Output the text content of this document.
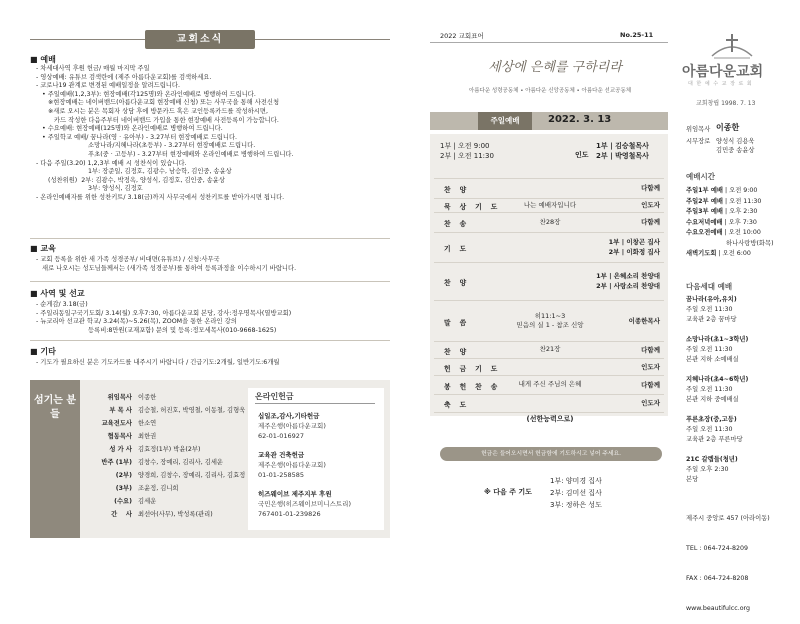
교회소식
■ 예배
- 차세대사역 후원 헌금/ 매월 마지막 주일
- 영상예배: 유튜브 검색란에 (제주 아름다운교회)를 검색하세요.
- 코로나19 관계로 변경된 예배일정을 알려드립니다.
• 주일예배(1,2,3부): 현장예배(각125명)와 온라인예배로 병행하여 드립니다.
※현장예배는 네이버밴드(아름다운교회 현장예배 신청) 또는 사무국을 통해 사전신청
※새로 오시는 분은 목회자 상담 후에 방문카드 혹은 교인등록카드를 작성하시면,
카드 작성한 다음주부터 네이버밴드 가입을 통한 현장예배 사전등록이 가능합니다.
• 수요예배: 현장예배(125명)와 온라인예배로 병행하여 드립니다.
• 주일학교 예배/ 꿈나라(영 · 유아부) - 3.27부터 현장예배로 드립니다.
소망나라/지혜나라(초등부) - 3.27부터 현장예배로 드립니다.
푸초(중 · 고등부) - 3.27부터 현장예배와 온라인예배로 병행하여 드립니다.
- 다음 주일(3.20) 1,2,3부 예배 시 성찬식이 있습니다.
1부: 장준일, 김정호, 김광수, 남승학, 김인중, 송윤상
(성찬위원)  2부: 김광수, 박정옥, 양성식, 김정호, 김인중, 송윤상
3부: 양성식, 김정호
- 온라인예배자를 위한 성찬키트/ 3.18(금)까지 사무국에서 성찬키트를 받아가시면 됩니다.
■ 교육
- 교회 등록을 위한 새 가족 성경공부/ 비대면(유튜브) / 신청:사무국
새로 나오시는 성도님들께서는 (새가족 성경공부)를 통하여 등록과정을 이수하시기 바랍니다.
■ 사역 및 선교
- 순게감/ 3.18(금)
- 주일리동일구국기도회/ 3.14(월) 오후7:30, 아름다운교회 본당, 강사:정우명목사(열방교회)
- 뉴코리아 선교관 학교/ 3.24(목)~5.26(목), ZOOM을 통한 온라인 강의
등록비:8만원(교재포함) 문의 및 등록:정모세목사(010-9668-1625)
■ 기타
- 기도가 필요하신 분은 기도카드를 내주시기 바랍니다 / 긴급기도:2개월, 일반기도:6개월
섬기는 분들
위임목사 이종한
부 목 사 김승철, 허진호, 박영철, 이동철, 김형욱
교육전도사 한소연
협동목사 최한권
성 가 사 김효정(1부) 박윤(2부)
반주 (1부) 김창수, 장예리, 김리사, 김세운
(2부) 양경희, 김창수, 장예리, 김리사, 김효정
(3부) 조윤정, 김니희
(수요) 김세운
간    사 최선아(사무), 박성록(관리)
온라인헌금
십일조,감사,기타헌금
제주은행(아름다운교회)
62-01-016927
교육관 건축헌금
제주은행(아름다운교회)
01-01-258585
히즈웨이브 제주지부 후원
국민은행(히즈웨이브미니스트리)
767401-01-239826
2022 교회표어	No.25-11
세상에 은혜를 구하리라
아름다운 성령공동체 • 아름다운 신앙공동체 • 아름다운 선교공동체
주일예배	2022. 3. 13
1부 | 오전 9:00
2부 | 오전 11:30	인도
1부 | 김승철목사
2부 | 박영철목사
찬양	다함께
묵상기도	나는 예배자입니다	인도자
찬송	찬28장	다함께
기도
1부 | 이창곤 집사
2부 | 이화정 집사
찬양
1부 | 은혜소리 찬양대
2부 | 사랑소리 찬양대
말씀
히11:1~3
믿음의 실 1 - 참조 신앙	이종한목사
찬양	찬21장	다함께
헌금기도	인도자
봉헌찬송	내게 주신 주님의 은혜	다함께
축도	인도자
(선한능력으로)
헌금은 들어오시면서 헌금함에 기도하시고 넣어 주세요.
※ 다음 주 기도
1부: 양미경 집사
2부: 김미선 집사
3부: 정하은 성도
아름다운교회
대 한 예 수 교 장 로 회
교회창립 1998. 7. 13
위임목사 이종한
시무장로 양성식 김용욱
김민중 송윤상
예배시간
주일1부 예배 | 오전 9:00
주일2부 예배 | 오전 11:30
주일3부 예배 | 오후 2:30
수요저녁예배 | 오후 7:30
수요오전예배 | 오전 10:00
하나사랑방(화목)
새벽기도회 | 오전 6:00
다음세대 예배
꿈나라(유아,유치)
주일 오전 11:30
교육관 2층 꿈마당
소망나라(초1~3학년)
주일 오전 11:30
본관 지하 소예배실
지혜나라(초4~6학년)
주일 오전 11:30
본관 지하 중예배실
푸른초장(중,고등)
주일 오전 11:30
교육관 2층 푸른마당
21C 갈렙들(청년)
주일 오후 2:30
본당

제주시 중앙로 457 (아라이동)

TEL : 064-724-8209

FAX : 064-724-8208

www.beautifulcc.org
